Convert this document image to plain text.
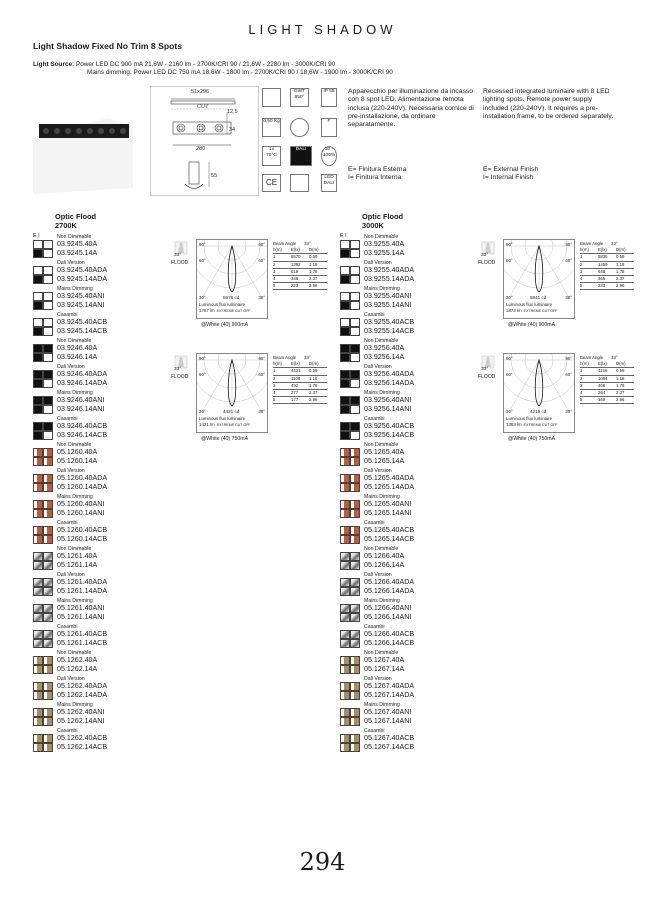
LIGHT SHADOW
Light Shadow Fixed No Trim 8 Spots
Light Source: Power LED DC 900 mA 21,6W - 2160 lm - 2700K/CRI 90 / 21,6W - 2280 lm - 3000K/CRI 90
Mains dimming: Power LED DC 750 mA 18,6W - 1800 lm - 2700K/CRI 90 / 18,6W - 1900 lm - 3000K/CRI 90
51x296
CUT
12,5
34
280
55
GWT 850°
IP 55
0,50 Kg	F
1x 70°C
DALI	30 - 100%
CE
LED DALI
Apparecchio per illuminazione da incasso con 8 spot LED. Alimentazione remota inclusa (220-240V). Necessaria cornice di pre-installazione, da ordinare separatamente.
Recessed integrated luminaire with 8 LED lighting spots. Remote power supply included (220-240V). It requires a pre-installation frame, to be ordered separately.
E= Finitura Esterna
I= Finitura Interna
E= External Finish
I= Internal Finish
Optic Flood
2700K
E I	Non Dimmable
03.9245.40A
03.9245.14A
Dali Version
03.9245.40ADA
03.9245.14ADA
Mains Dimming
03.9245.40ANI
03.9245.14ANI
Casambi
03.9245.40ACB
03.9245.14ACB
Non Dimmable
03.9246.40A
03.9246.14A
Dali Version
03.9246.40ADA
03.9246.14ADA
Mains Dimming
03.9246.40ANI
03.9246.14ANI
Casambi
03.9246.40ACB
03.9246.14ACB
Non Dimmable
05.1260.40A
05.1260.14A
Dali Version
05.1260.40ADA
05.1260.14ADA
Mains Dimming
05.1260.40ANI
05.1260.14ANI
Casambi
05.1260.40ACB
05.1260.14ACB
Non Dimmable
05.1261.40A
05.1261.14A
Dali Version
05.1261.40ADA
05.1261.14ADA
Mains Dimming
05.1261.40ANI
05.1261.14ANI
Casambi
05.1261.40ACB
05.1261.14ACB
Non Dimmable
05.1262.40A
05.1262.14A
Dali Version
05.1262.40ADA
05.1262.14ADA
Mains Dimming
05.1262.40ANI
05.1262.14ANI
Casambi
05.1262.40ACB
05.1262.14ACB
33°
FLOOD
90°	90°
60°	60°
30°	30°
5576 cd
Luminous flux luminaire
1787 lm EXTREME CUT OFF
@White (40) 900mA
Beam Angle 33°
h(m)	E(lx)	D(m)
1	5570	0.59
2	1392	1.18
3	619	1.78
4	348	2.37
5	223	2.96
33°
FLOOD
90°	90°
60°	60°
30°	30°
4421 cd
Luminous flux luminaire
1421 lm EXTREME CUT OFF
@White (40) 750mA
Beam Angle 33°
h(m)	E(lx)	D(m)
1	4431	0.59
2	1108	1.18
3	492	1.78
4	277	2.37
5	177	2.96
Optic Flood
3000K
E I	Non Dimmable
03.9255.40A
03.9255.14A
Dali Version
03.9255.40ADA
03.9255.14ADA
Mains Dimming
03.9255.40ANI
03.9255.14ANI
Casambi
03.9255.40ACB
03.9255.14ACB
Non Dimmable
03.9256.40A
03.9256.14A
Dali Version
03.9256.40ADA
03.9256.14ADA
Mains Dimming
03.9256.40ANI
03.9256.14ANI
Casambi
03.9256.40ACB
03.9256.14ACB
Non Dimmable
05.1265.40A
05.1265.14A
Dali Version
05.1265.40ADA
05.1265.14ADA
Mains Dimming
05.1265.40ANI
05.1265.14ANI
Casambi
05.1265.40ACB
05.1265.14ACB
Non Dimmable
05.1266.40A
05.1266.14A
Dali Version
05.1266.40ADA
05.1266.14ADA
Mains Dimming
05.1266.40ANI
05.1266.14ANI
Casambi
05.1266.40ACB
05.1266.14ACB
Non Dimmable
05.1267.40A
05.1267.14A
Dali Version
05.1267.40ADA
05.1267.14ADA
Mains Dimming
05.1267.40ANI
05.1267.14ANI
Casambi
05.1267.40ACB
05.1267.14ACB
33°
FLOOD
90°	90°
60°	60°
30°	30°
5841 cd
Luminous flux luminaire
1872 lm EXTREME CUT OFF
@White (40) 900mA
Beam Angle 33°
h(m)	E(lx)	D(m)
1	5835	0.59
2	1459	1.18
3	648	1.78
4	365	2.37
5	233	2.96
33°
FLOOD
90°	90°
60°	60°
30°	30°
4216 cd
Luminous flux luminaire
1353 lm EXTREME CUT OFF
@White (40) 750mA
Beam Angle 33°
h(m)	E(lx)	D(m)
1	4216	0.59
2	1054	1.18
3	468	1.78
4	264	2.37
5	169	2.96
294
